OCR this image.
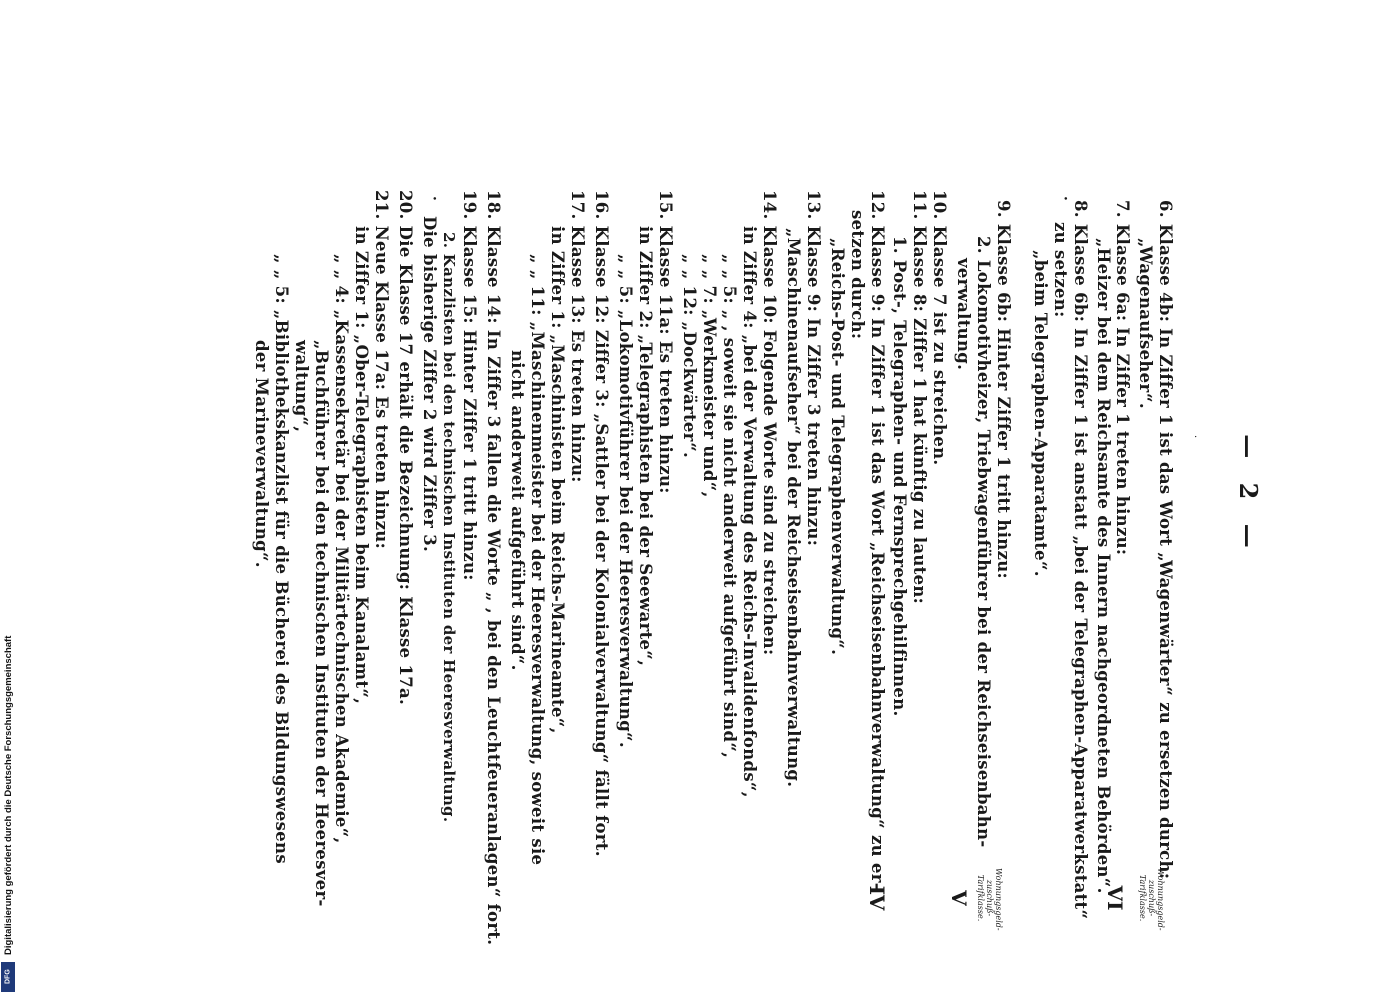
Digitalisierung gefördert durch die Deutsche Forschungsgemeinschaft
DFG
— 2 —
·
Wohnungsgeld-zuschuß-Tarifklasse.
Wohnungsgeld-zuschuß-Tarifklasse.
6. Klasse 4b: In Ziffer 1 ist das Wort „Wagenwärter“ zu ersetzen durch:
„Wagenaufseher“.
7. Klasse 6a: In Ziffer 1 treten hinzu:
„Heizer bei dem Reichsamte des Innern nachgeordneten Behörden“.
8. Klasse 6b: In Ziffer 1 ist anstatt „bei der Telegraphen-Apparatwerkstatt“
·
zu setzen:
„beim Telegraphen-Apparatamte“.
9. Klasse 6b: Hinter Ziffer 1 tritt hinzu:
2. Lokomotivheizer, Triebwagenführer bei der Reichseisenbahn-
verwaltung.
10. Klasse 7 ist zu streichen.
11. Klasse 8: Ziffer 1 hat künftig zu lauten:
1. Post-, Telegraphen- und Fernsprechgehilfinnen.
12. Klasse 9: In Ziffer 1 ist das Wort „Reichseisenbahnverwaltung“ zu er-
setzen durch:
„Reichs-Post- und Telegraphenverwaltung“.
13. Klasse 9: In Ziffer 3 treten hinzu:
„Maschinenaufseher“ bei der Reichseisenbahnverwaltung.
14. Klasse 10: Folgende Worte sind zu streichen:
in Ziffer 4: „bei der Verwaltung des Reichs-Invalidenfonds“,
„ „ 5: „ , soweit sie nicht anderweit aufgeführt sind“,
„ „ 7: „Werkmeister und“,
„ „ 12: „Dockwärter“.
15. Klasse 11a: Es treten hinzu:
in Ziffer 2: „Telegraphisten bei der Seewarte“,
„ „ 5: „Lokomotivführer bei der Heeresverwaltung“.
16. Klasse 12: Ziffer 3: „Sattler bei der Kolonialverwaltung“ fällt fort.
17. Klasse 13: Es treten hinzu:
in Ziffer 1: „Maschinisten beim Reichs-Marineamte“,
„ „ 11: „Maschinenmeister bei der Heeresverwaltung, soweit sie
nicht anderweit aufgeführt sind“.
18. Klasse 14: In Ziffer 3 fallen die Worte „ , bei den Leuchtfeueranlagen“ fort.
19. Klasse 15: Hinter Ziffer 1 tritt hinzu:
2. Kanzlisten bei den technischen Instituten der Heeresverwaltung.
·
Die bisherige Ziffer 2 wird Ziffer 3.
20. Die Klasse 17 erhält die Bezeichnung: Klasse 17a.
21. Neue Klasse 17a: Es treten hinzu:
in Ziffer 1: „Ober-Telegraphisten beim Kanalamt“,
„ „ 4: „Kassensekretär bei der Militärtechnischen Akademie“,
„Buchführer bei den technischen Instituten der Heeresver-
waltung“,
„ „ 5: „Bibliothekskanzlist für die Bücherei des Bildungswesens
der Marineverwaltung“.
VI
IV	V
